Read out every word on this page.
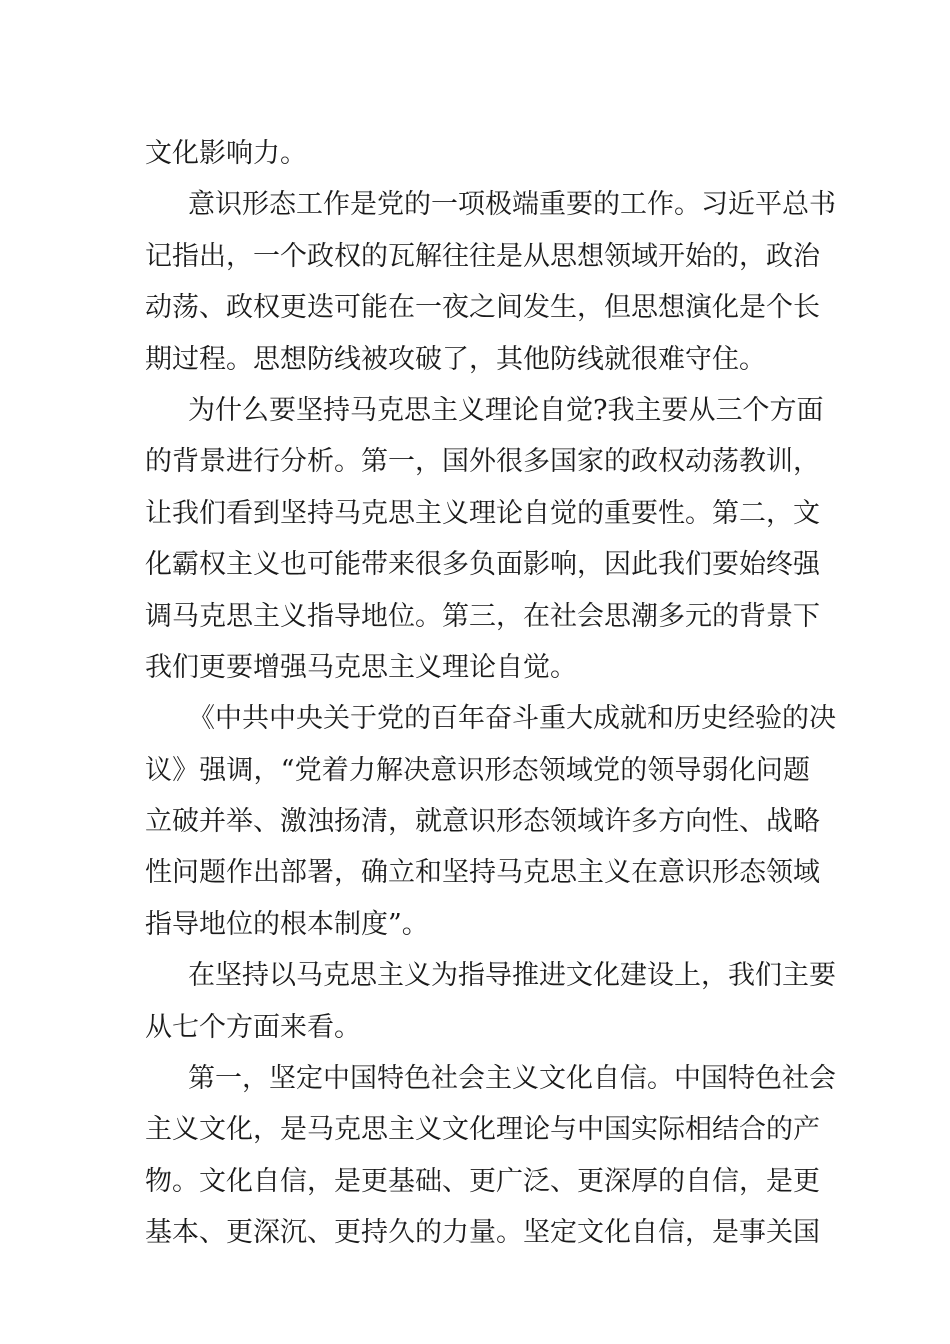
文化影响力。
意识形态工作是党的一项极端重要的工作。习近平总书
记指出，一个政权的瓦解往往是从思想领域开始的，政治
动荡、政权更迭可能在一夜之间发生，但思想演化是个长
期过程。思想防线被攻破了，其他防线就很难守住。
为什么要坚持马克思主义理论自觉?我主要从三个方面
的背景进行分析。第一，国外很多国家的政权动荡教训，
让我们看到坚持马克思主义理论自觉的重要性。第二，文
化霸权主义也可能带来很多负面影响，因此我们要始终强
调马克思主义指导地位。第三，在社会思潮多元的背景下
我们更要增强马克思主义理论自觉。
《中共中央关于党的百年奋斗重大成就和历史经验的决
议》强调，“党着力解决意识形态领域党的领导弱化问题
立破并举、激浊扬清，就意识形态领域许多方向性、战略
性问题作出部署，确立和坚持马克思主义在意识形态领域
指导地位的根本制度”。
在坚持以马克思主义为指导推进文化建设上，我们主要
从七个方面来看。
第一，坚定中国特色社会主义文化自信。中国特色社会
主义文化，是马克思主义文化理论与中国实际相结合的产
物。文化自信，是更基础、更广泛、更深厚的自信，是更
基本、更深沉、更持久的力量。坚定文化自信，是事关国
